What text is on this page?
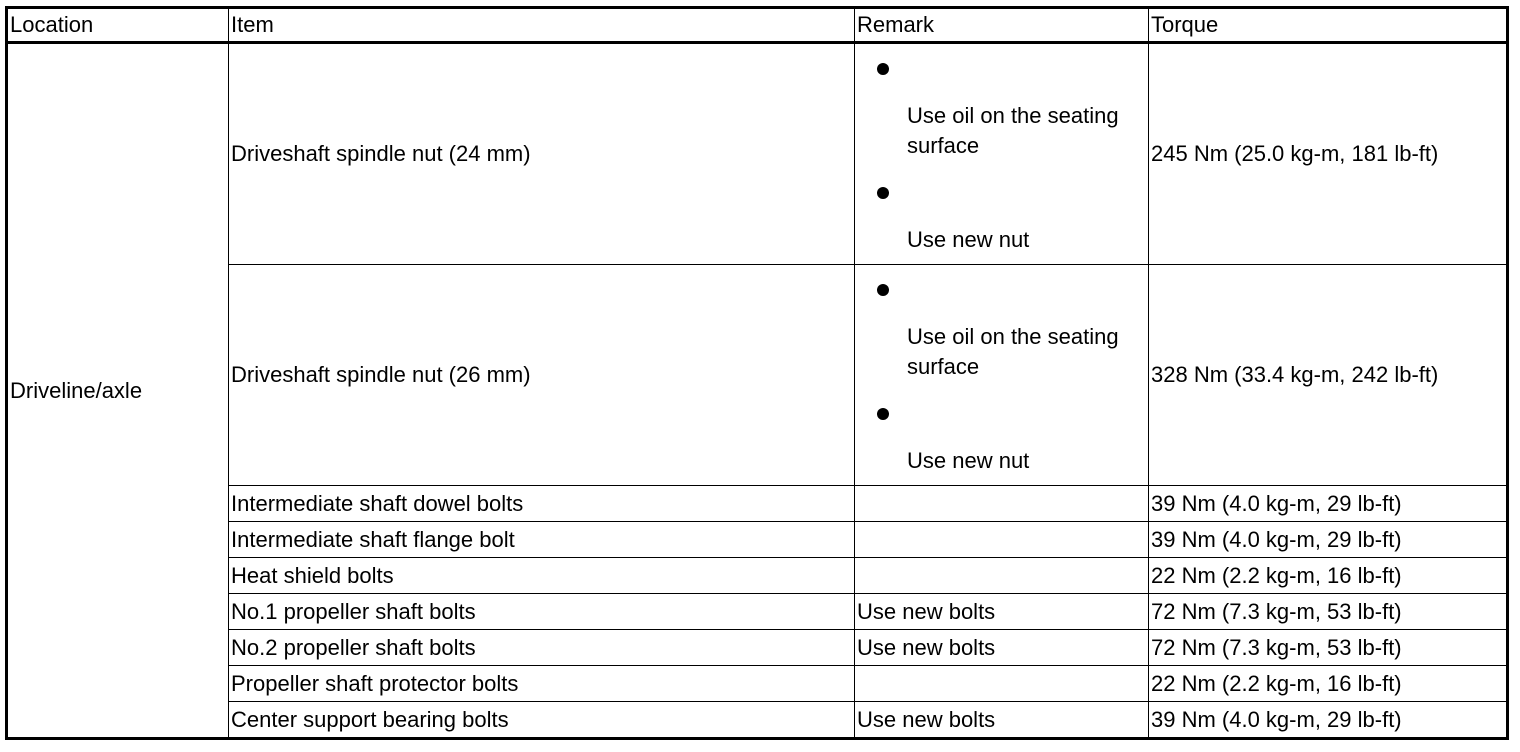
Location	Item	Remark	Torque
Driveline/axle	Driveshaft spindle nut (24 mm)	Use oil on the seating surface
Use new nut	245 Nm (25.0 kg-m, 181 lb-ft)
	Driveshaft spindle nut (26 mm)	Use oil on the seating surface
Use new nut	328 Nm (33.4 kg-m, 242 lb-ft)
	Intermediate shaft dowel bolts		39 Nm (4.0 kg-m, 29 lb-ft)
	Intermediate shaft flange bolt		39 Nm (4.0 kg-m, 29 lb-ft)
	Heat shield bolts		22 Nm (2.2 kg-m, 16 lb-ft)
	No.1 propeller shaft bolts	Use new bolts	72 Nm (7.3 kg-m, 53 lb-ft)
	No.2 propeller shaft bolts	Use new bolts	72 Nm (7.3 kg-m, 53 lb-ft)
	Propeller shaft protector bolts		22 Nm (2.2 kg-m, 16 lb-ft)
	Center support bearing bolts	Use new bolts	39 Nm (4.0 kg-m, 29 lb-ft)
